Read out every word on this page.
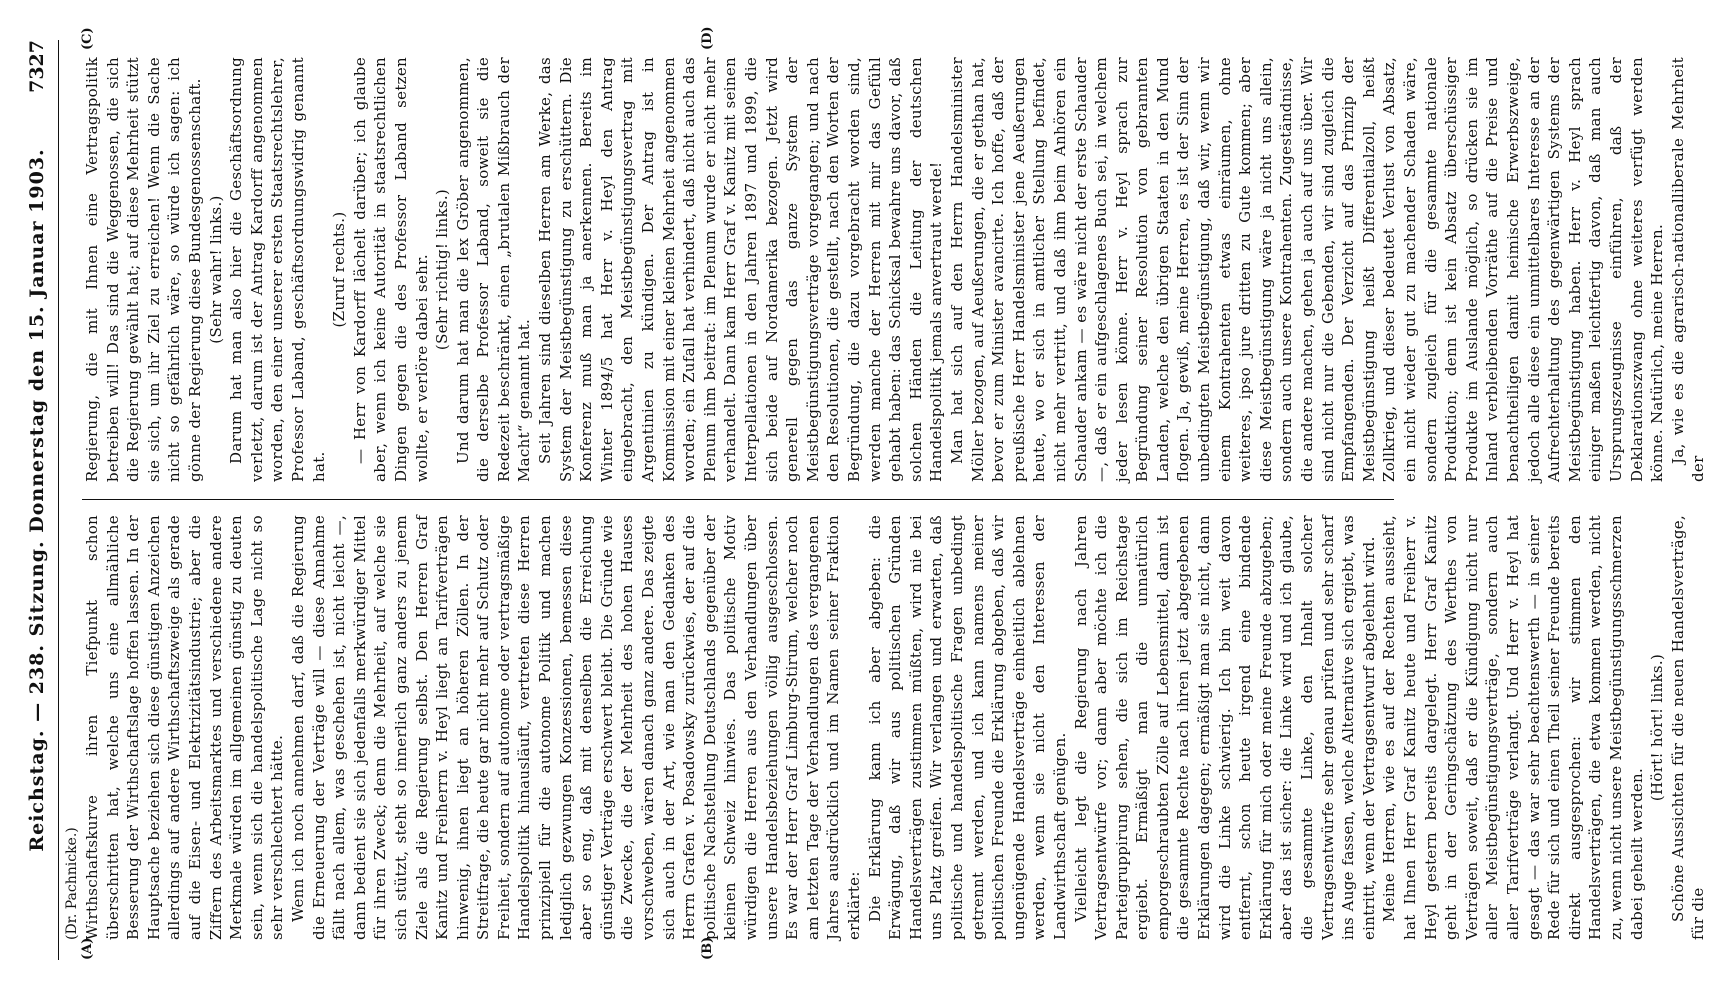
Reichstag. — 238. Sitzung. Donnerstag den 15. Januar 1903.
7327
(Dr. Pachnicke.)
(A)	(B)
(C)	(D)

Wirthschaftskurve ihren Tiefpunkt schon überschritten hat, welche uns eine allmähliche Besserung der Wirthschaftslage hoffen lassen. In der Hauptsache beziehen sich diese günstigen Anzeichen allerdings auf andere Wirthschaftszweige als gerade auf die Eisen- und Elektrizitätsindustrie; aber die Ziffern des Arbeitsmarktes und verschiedene andere Merkmale würden im allgemeinen günstig zu deuten sein, wenn sich die handelspolitische Lage nicht so sehr verschlechtert hätte. Wenn ich noch annehmen darf, daß die Regierung die Erneuerung der Verträge will — diese Annahme fällt nach allem, was geschehen ist, nicht leicht —, dann bedient sie sich jedenfalls merkwürdiger Mittel für ihren Zweck; denn die Mehrheit, auf welche sie sich stützt, steht so innerlich ganz anders zu jenem Ziele als die Regierung selbst. Den Herren Graf Kanitz und Freiherrn v. Heyl liegt an Tarifverträgen hinwenig, ihnen liegt an höheren Zöllen. In der Streitfrage, die heute gar nicht mehr auf Schutz oder Freiheit, sondern auf autonome oder vertragsmäßige Handelspolitik hinausläuft, vertreten diese Herren prinzipiell für die autonome Politik und machen lediglich gezwungen Konzessionen, bemessen diese aber so eng, daß mit denselben die Erreichung günstiger Verträge erschwert bleibt. Die Gründe wie die Zwecke, die der Mehrheit des hohen Hauses vorschweben, wären danach ganz andere. Das zeigte sich auch in der Art, wie man den Gedanken des Herrn Grafen v. Posadowsky zurückwies, der auf die politische Nachstellung Deutschlands gegenüber der kleinen Schweiz hinwies. Das politische Motiv würdigen die Herren aus den Verhandlungen über unsere Handelsbeziehungen völlig ausgeschlossen. Es war der Herr Graf Limburg-Stirum, welcher noch am letzten Tage der Verhandlungen des vergangenen Jahres ausdrücklich und im Namen seiner Fraktion erklärte: Die Erklärung kann ich aber abgeben: die Erwägung, daß wir aus politischen Gründen Handelsverträgen zustimmen müßten, wird nie bei uns Platz greifen. Wir verlangen und erwarten, daß politische und handelspolitische Fragen unbedingt getrennt werden, und ich kann namens meiner politischen Freunde die Erklärung abgeben, daß wir ungenügende Handelsverträge einheitlich ablehnen werden, wenn sie nicht den Interessen der Landwirthschaft genügen. Vielleicht legt die Regierung nach Jahren Vertragsentwürfe vor; dann aber möchte ich die Parteigruppirung sehen, die sich im Reichstage ergiebt. Ermäßigt man die unnatürlich emporgeschraubten Zölle auf Lebensmittel, dann ist die gesammte Rechte nach ihren jetzt abgegebenen Erklärungen dagegen; ermäßigt man sie nicht, dann wird die Linke schwierig. Ich bin weit davon entfernt, schon heute irgend eine bindende Erklärung für mich oder meine Freunde abzugeben; aber das ist sicher: die Linke wird und ich glaube, die gesammte Linke, den Inhalt solcher Vertragsentwürfe sehr genau prüfen und sehr scharf ins Auge fassen, welche Alternative sich ergiebt, was eintritt, wenn der Vertragsentwurf abgelehnt wird. Meine Herren, wie es auf der Rechten aussieht, hat Ihnen Herr Graf Kanitz heute und Freiherr v. Heyl gestern bereits dargelegt. Herr Graf Kanitz geht in der Geringschätzung des Werthes von Verträgen soweit, daß er die Kündigung nicht nur aller Meistbegünstigungsverträge, sondern auch aller Tarifverträge verlangt. Und Herr v. Heyl hat gesagt — das war sehr beachtenswerth — in seiner Rede für sich und einen Theil seiner Freunde bereits direkt ausgesprochen: wir stimmen den Handelsverträgen, die etwa kommen werden, nicht zu, wenn nicht unsere Meistbegünstigungsschmerzen dabei geheilt werden.

(Hört! hört! links.) Schöne Aussichten für die neuen Handelsverträge, für die

Regierung, die mit Ihnen eine Vertragspolitik betreiben will! Das sind die Weggenossen, die sich die Regierung gewählt hat; auf diese Mehrheit stützt sie sich, um ihr Ziel zu erreichen! Wenn die Sache nicht so gefährlich wäre, so würde ich sagen: ich gönne der Regierung diese Bundesgenossenschaft. (Sehr wahr! links.) Darum hat man also hier die Geschäftsordnung verletzt, darum ist der Antrag Kardorff angenommen worden, den einer unserer ersten Staatsrechtslehrer, Professor Laband, geschäftsordnungswidrig genannt hat.

(Zuruf rechts.) — Herr von Kardorff lächelt darüber; ich glaube aber, wenn ich keine Autorität in staatsrechtlichen Dingen gegen die des Professor Laband setzen wollte, er verlöre dabei sehr. (Sehr richtig! links.) Und darum hat man die lex Gröber angenommen, die derselbe Professor Laband, soweit sie die Redezeit beschränkt, einen „brutalen Mißbrauch der Macht“ genannt hat. Seit Jahren sind dieselben Herren am Werke, das System der Meistbegünstigung zu erschüttern. Die Konferenz muß man ja anerkennen. Bereits im Winter 1894/5 hat Herr v. Heyl den Antrag eingebracht, den Meistbegünstigungsvertrag mit Argentinien zu kündigen. Der Antrag ist in Kommission mit einer kleinen Mehrheit angenommen worden; ein Zufall hat verhindert, daß nicht auch das Plenum ihm beitrat: im Plenum wurde er nicht mehr verhandelt. Dann kam Herr Graf v. Kanitz mit seinen Interpellationen in den Jahren 1897 und 1899, die sich beide auf Nordamerika bezogen. Jetzt wird generell gegen das ganze System der Meistbegünstigungsverträge vorgegangen; und nach den Resolutionen, die gestellt, nach den Worten der Begründung, die dazu vorgebracht worden sind, werden manche der Herren mit mir das Gefühl gehabt haben: das Schicksal bewahre uns davor, daß solchen Händen die Leitung der deutschen Handelspolitik jemals anvertraut werde! Man hat sich auf den Herrn Handelsminister Möller bezogen, auf Aeußerungen, die er gethan hat, bevor er zum Minister avancirte. Ich hoffe, daß der preußische Herr Handelsminister jene Aeußerungen heute, wo er sich in amtlicher Stellung befindet, nicht mehr vertritt, und daß ihm beim Anhören ein Schauder ankam — es wäre nicht der erste Schauder —, daß er ein aufgeschlagenes Buch sei, in welchem jeder lesen könne. Herr v. Heyl sprach zur Begründung seiner Resolution von gebrannten Landen, welche den übrigen Staaten in den Mund flogen. Ja, gewiß, meine Herren, es ist der Sinn der unbedingten Meistbegünstigung, daß wir, wenn wir einem Kontrahenten etwas einräumen, ohne weiteres, ipso jure dritten zu Gute kommen; aber diese Meistbegünstigung wäre ja nicht uns allein, sondern auch unsere Kontrahenten. Zugeständnisse, die andere machen, gehen ja auch auf uns über. Wir sind nicht nur die Gebenden, wir sind zugleich die Empfangenden. Der Verzicht auf das Prinzip der Meistbegünstigung heißt Differentialzoll, heißt Zollkrieg, und dieser bedeutet Verlust von Absatz, ein nicht wieder gut zu machender Schaden wäre, sondern zugleich für die gesammte nationale Produktion; denn ist kein Absatz überschüssiger Produkte im Auslande möglich, so drücken sie im Inland verbleibenden Vorräthe auf die Preise und benachtheiligen damit heimische Erwerbszweige, jedoch alle diese ein unmittelbares Interesse an der Aufrechterhaltung des gegenwärtigen Systems der Meistbegünstigung haben. Herr v. Heyl sprach einiger maßen leichtfertig davon, daß man auch Ursprungszeugnisse einführen, daß der Deklarationszwang ohne weiteres verfügt werden könne. Natürlich, meine Herren. Ja, wie es die agrarisch-nationalliberale Mehrheit der
